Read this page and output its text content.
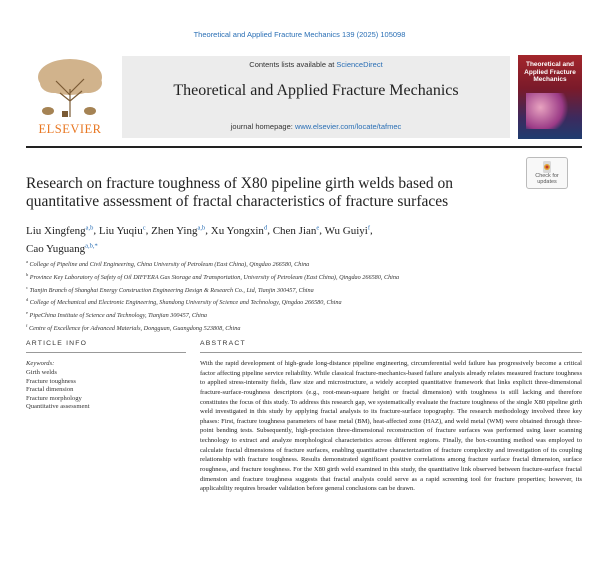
Theoretical and Applied Fracture Mechanics 139 (2025) 105098
ELSEVIER
Contents lists available at ScienceDirect
Theoretical and Applied Fracture Mechanics
journal homepage: www.elsevier.com/locate/tafmec
Theoretical and Applied Fracture Mechanics
Check for updates
Research on fracture toughness of X80 pipeline girth welds based on quantitative assessment of fractal characteristics of fracture surfaces
Liu Xingfeng$^{a,b}$, Liu Yuqiu$^c$, Zhen Ying$^{a,b}$, Xu Yongxin$^d$, Chen Jian$^e$, Wu Guiyi$^f$,
Cao Yuguang$^{a,b,*}$
$^a$ College of Pipeline and Civil Engineering, China University of Petroleum (East China), Qingdao 266580, China
$^b$ Province Key Laboratory of Safety of Oil DIFFERA Gas Storage and Transportation, University of Petroleum (East China), Qingdao 266580, China
$^c$ Tianjin Branch of Shanghai Energy Construction Engineering Design & Research Co., Ltd, Tianjin 300457, China
$^d$ College of Mechanical and Electronic Engineering, Shandong University of Science and Technology, Qingdao 266580, China
$^e$ PipeChina Institute of Science and Technology, Tianjian 300457, China
$^f$ Centre of Excellence for Advanced Materials, Dongguan, Guangdong 523808, China
ARTICLE INFO
Keywords:
Girth welds
Fracture toughness
Fractal dimension
Fracture morphology
Quantitative assessment
ABSTRACT
With the rapid development of high-grade long-distance pipeline engineering, circumferential weld failure has progressively become a critical factor affecting pipeline service reliability. While classical fracture-mechanics-based failure analysis already relates measured fracture toughness to applied stress-intensity fields, flaw size and microstructure, a widely accepted quantitative framework that links explicit three-dimensional fracture-surface-roughness descriptors (e.g., root-mean-square height or fractal dimension) with toughness is still lacking and therefore constitutes the focus of this study. To address this research gap, we systematically evaluate the fracture toughness of the single X80 pipeline girth weld investigated in this study by applying fractal analysis to its fracture-surface topography. The research methodology involved three key phases: First, fracture toughness parameters of base metal (BM), heat-affected zone (HAZ), and weld metal (WM) were obtained through three-point bending tests. Subsequently, high-precision three-dimensional reconstruction of fracture surfaces was performed using laser scanning technology to extract and analyze morphological characteristics across different regions. Finally, the box-counting method was employed to calculate fractal dimensions of fracture surfaces, enabling quantitative characterization of fracture complexity and investigation of its coupling relationship with fracture toughness. Results demonstrated significant positive correlations among fracture surface fractal dimension, surface roughness, and fracture toughness. For the X80 girth weld examined in this study, the quantitative link observed between fracture-surface fractal dimension and fracture toughness suggests that fractal analysis could serve as a rapid screening tool for fracture properties; however, its applicability requires broader validation before general conclusions can be drawn.
